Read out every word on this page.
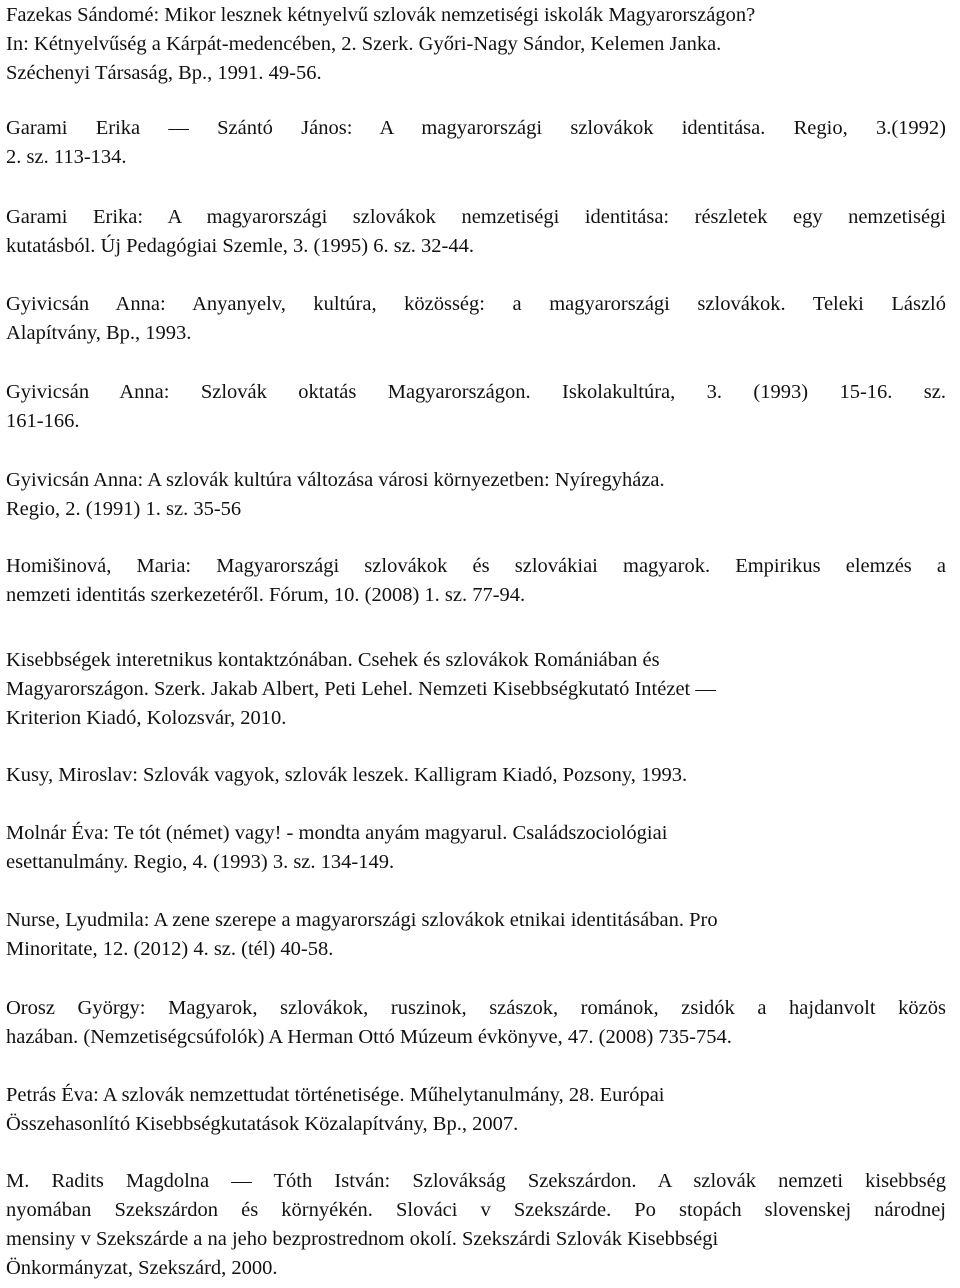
Fazekas Sándomé: Mikor lesznek kétnyelvű szlovák nemzetiségi iskolák Magyarországon?
In: Kétnyelvűség a Kárpát-medencében, 2. Szerk. Győri-Nagy Sándor, Kelemen Janka.
Széchenyi Társaság, Bp., 1991. 49-56.
Garami Erika — Szántó János: A magyarországi szlovákok identitása. Regio, 3.(1992)
2. sz. 113-134.
Garami Erika: A magyarországi szlovákok nemzetiségi identitása: részletek egy nemzetiségi
kutatásból. Új Pedagógiai Szemle, 3. (1995) 6. sz. 32-44.
Gyivicsán Anna: Anyanyelv, kultúra, közösség: a magyarországi szlovákok. Teleki László
Alapítvány, Bp., 1993.
Gyivicsán Anna: Szlovák oktatás Magyarországon. Iskolakultúra, 3. (1993) 15-16. sz.
161-166.
Gyivicsán Anna: A szlovák kultúra változása városi környezetben: Nyíregyháza.
Regio, 2. (1991) 1. sz. 35-56
Homišinová, Maria: Magyarországi szlovákok és szlovákiai magyarok. Empirikus elemzés a
nemzeti identitás szerkezetéről. Fórum, 10. (2008) 1. sz. 77-94.
Kisebbségek interetnikus kontaktzónában. Csehek és szlovákok Romániában és
Magyarországon. Szerk. Jakab Albert, Peti Lehel. Nemzeti Kisebbségkutató Intézet —
Kriterion Kiadó, Kolozsvár, 2010.
Kusy, Miroslav: Szlovák vagyok, szlovák leszek. Kalligram Kiadó, Pozsony, 1993.
Molnár Éva: Te tót (német) vagy! - mondta anyám magyarul. Családszociológiai
esettanulmány. Regio, 4. (1993) 3. sz. 134-149.
Nurse, Lyudmila: A zene szerepe a magyarországi szlovákok etnikai identitásában. Pro
Minoritate, 12. (2012) 4. sz. (tél) 40-58.
Orosz György: Magyarok, szlovákok, ruszinok, szászok, románok, zsidók a hajdanvolt közös
hazában. (Nemzetiségcsúfolók) A Herman Ottó Múzeum évkönyve, 47. (2008) 735-754.
Petrás Éva: A szlovák nemzettudat történetisége. Műhelytanulmány, 28. Európai
Összehasonlító Kisebbségkutatások Közalapítvány, Bp., 2007.
M. Radits Magdolna — Tóth István: Szlovákság Szekszárdon. A szlovák nemzeti kisebbség
nyomában Szekszárdon és környékén. Slováci v Szekszárde. Po stopách slovenskej národnej
mensiny v Szekszárde a na jeho bezprostrednom okolí. Szekszárdi Szlovák Kisebbségi
Önkormányzat, Szekszárd, 2000.
